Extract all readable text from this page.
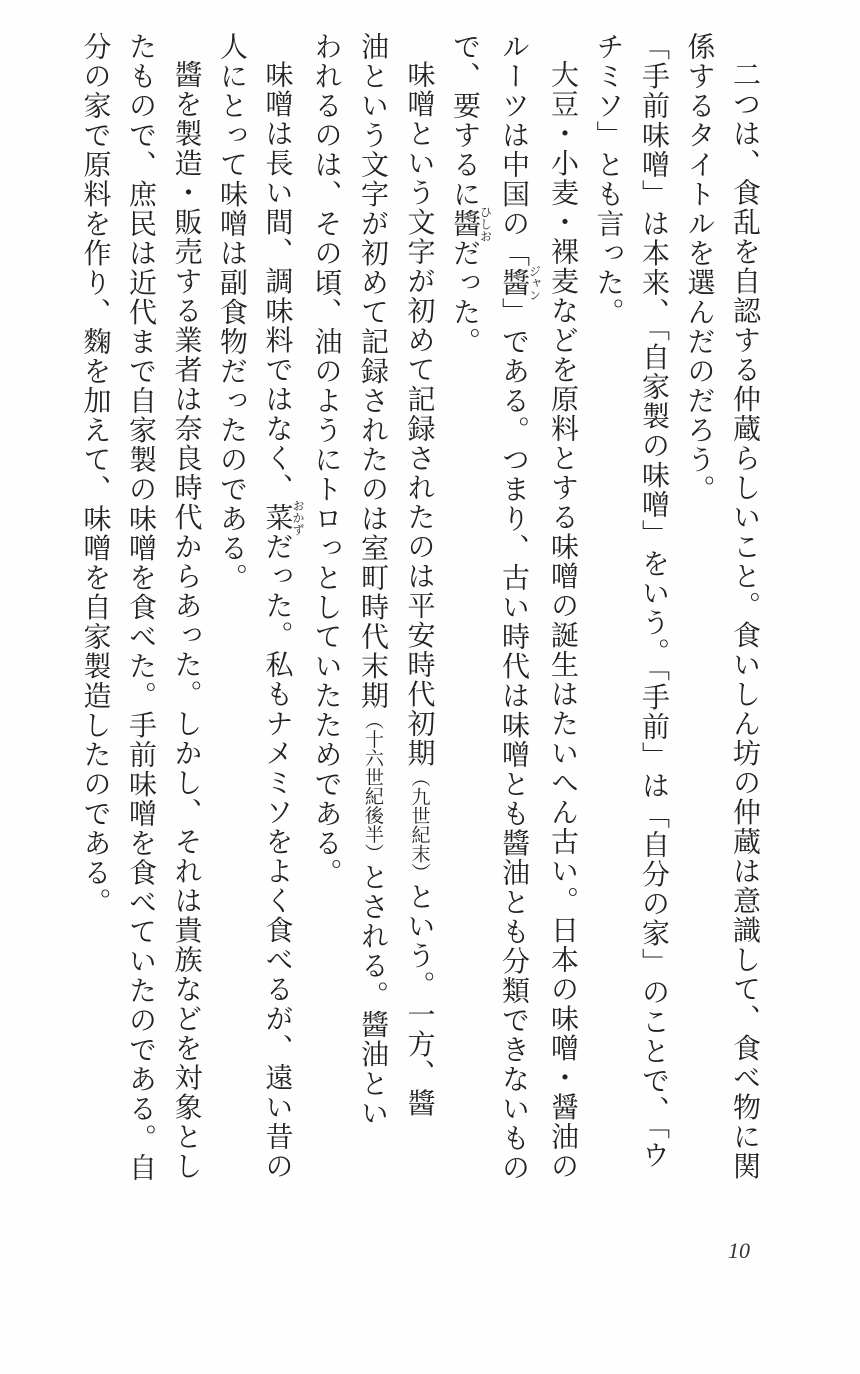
二つは、食乱を自認する仲蔵らしいこと。食いしん坊の仲蔵は意識して、食べ物に関
係するタイトルを選んだのだろう。
「手前味噌」は本来、「自家製の味噌」をいう。「手前」は「自分の家」のことで、「ウ
チミソ」とも言った。
大豆・小麦・裸麦などを原料とする味噌の誕生はたいへん古い。日本の味噌・醤油の
ルーツは中国の「醬ジャン」である。つまり、古い時代は味噌とも醬油とも分類できないもの
で、要するに醬ひしおだった。
味噌という文字が初めて記録されたのは平安時代初期（九世紀末）という。一方、醬
油という文字が初めて記録されたのは室町時代末期（十六世紀後半）とされる。醬油とい
われるのは、その頃、油のようにトロっとしていたためである。
味噌は長い間、調味料ではなく、菜おかずだった。私もナメミソをよく食べるが、遠い昔の
人にとって味噌は副食物だったのである。
醬を製造・販売する業者は奈良時代からあった。しかし、それは貴族などを対象とし
たもので、庶民は近代まで自家製の味噌を食べた。手前味噌を食べていたのである。自
分の家で原料を作り、麴を加えて、味噌を自家製造したのである。
10
